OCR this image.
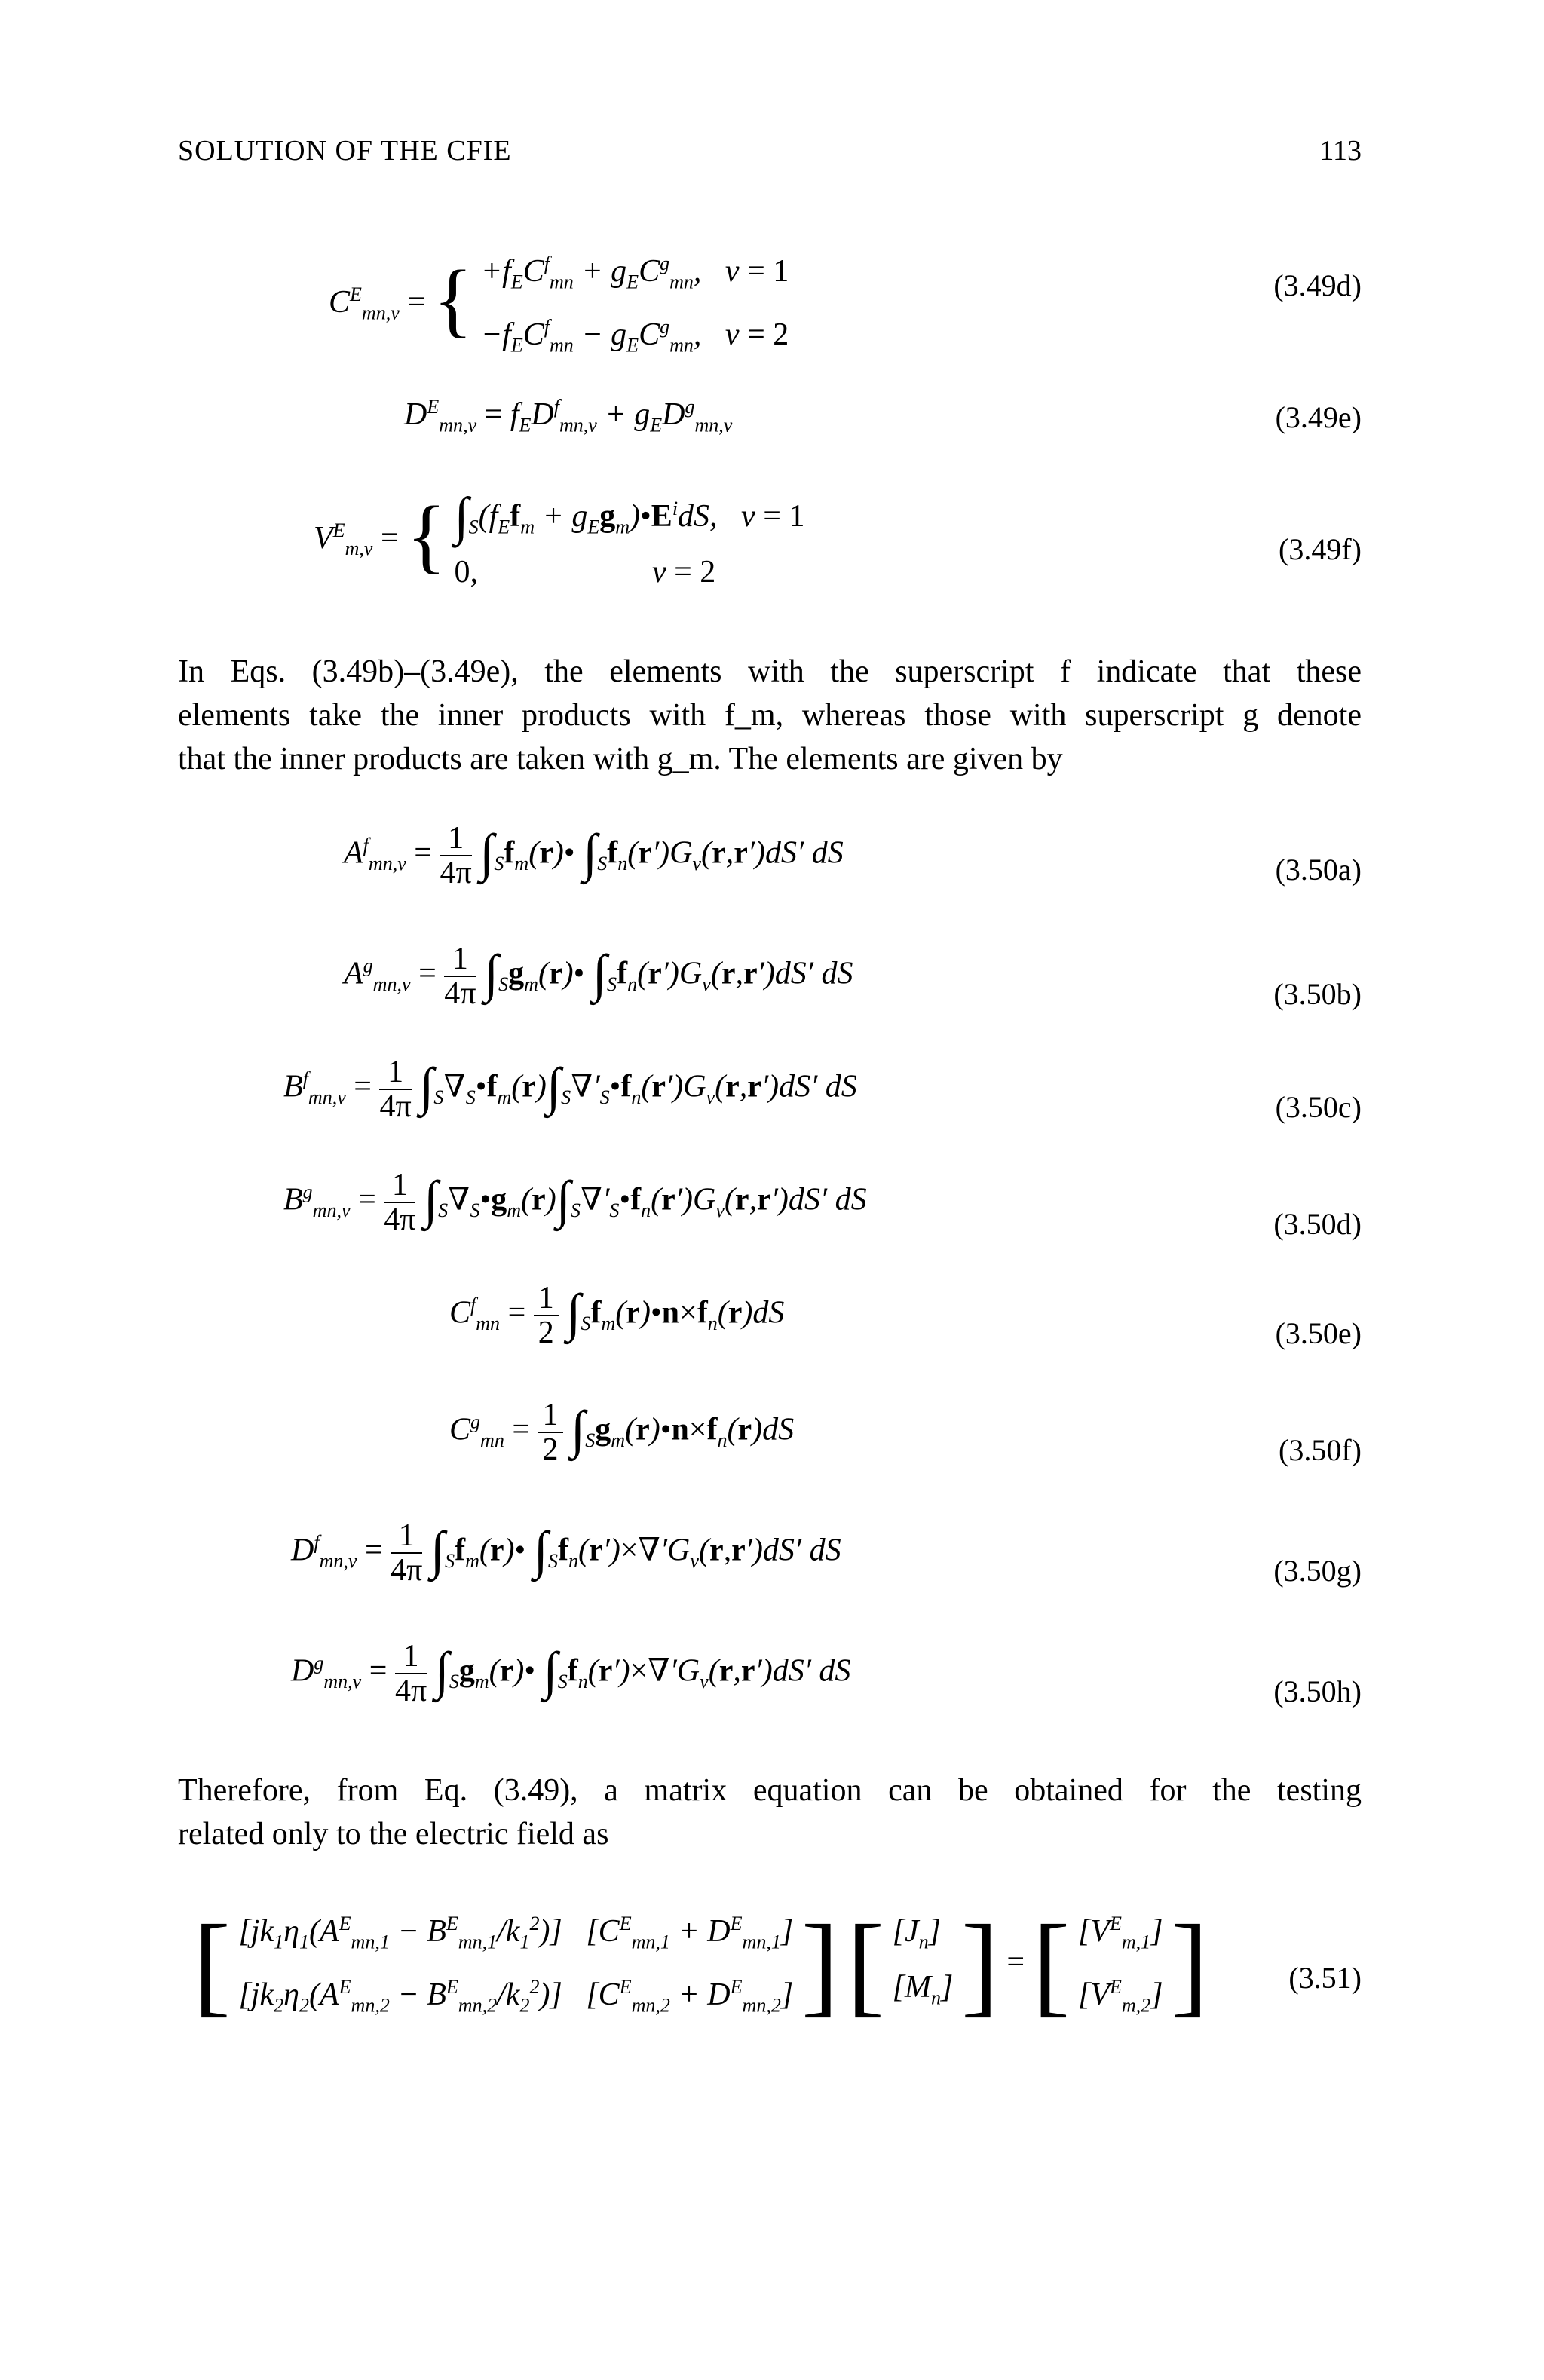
SOLUTION OF THE CFIE	113
$C^E_{mn,v}$ = { $+f_EC^f_{mn} + g_EC^g_{mn}$,   v = 1
$-f_EC^f_{mn} - g_EC^g_{mn}$,   v = 2
(3.49d)
$D^E_{mn,v} = f_ED^f_{mn,v} + g_ED^g_{mn,v}$	(3.49e)
$V^E_{m,v}$ = { $\int_S(f_Ef_m$ + $g_Eg_m)•E^idS$,   v = 1
0,                      v = 2
(3.49f)
In Eqs. (3.49b)–(3.49e), the elements with the superscript f indicate that these
elements take the inner products with f_m, whereas those with superscript g denote
that the inner products are taken with g_m. The elements are given by
$A^f_{mn,v} = \frac{1}{4\pi}$ $\int_Sf_m(r)•$ $\int_Sf_n(r')G_v(r,r')dS'$ dS	(3.50a)
$A^g_{mn,v} = \frac{1}{4\pi}$ $\int_Sg_m(r)•$ $\int_Sf_n(r')G_v(r,r')dS'$ dS
(3.50b)
$B^f_{mn,v} = \frac{1}{4\pi}$ $\int_S\nabla_S•f_m(r)\int_S\nabla'_S•f_n(r')G_v(r,r')dS'$ dS
(3.50c)
$B^g_{mn,v} = \frac{1}{4\pi}$ $\int_S\nabla_S•g_m(r)\int_S\nabla'_S•f_n(r')G_v(r,r')dS'$ dS
(3.50d)
$C^f_{mn} = \frac{1}{2}$ $\int_Sf_m(r)•n\times f_n(r)dS$
(3.50e)
$C^g_{mn} = \frac{1}{2}$ $\int_Sg_m(r)•n\times f_n(r)dS$
(3.50f)
$D^f_{mn,v} = \frac{1}{4\pi}$ $\int_Sf_m(r)•$ $\int_Sf_n(r')\times\nabla'G_v(r,r')dS'$ dS
(3.50g)
$D^g_{mn,v} = \frac{1}{4\pi}$ $\int_Sg_m(r)•$ $\int_Sf_n(r')\times\nabla'G_v(r,r')dS'$ dS
(3.50h)
Therefore, from Eq. (3.49), a matrix equation can be obtained for the testing
related only to the electric field as
[ $[jk_1\eta_1(A^E_{mn,1} - B^E_{mn,1}/k_1^2)] [C^E_{mn,1} + D^E_{mn,1}]$
$[jk_2\eta_2(A^E_{mn,2} - B^E_{mn,2}/k_2^2)] [C^E_{mn,2} + D^E_{mn,2}]$ ] [ $[J_n]$
$[M_n]$ ] = [ $[V^E_{m,1}]$
$[V^E_{m,2}]$ ]	(3.51)
